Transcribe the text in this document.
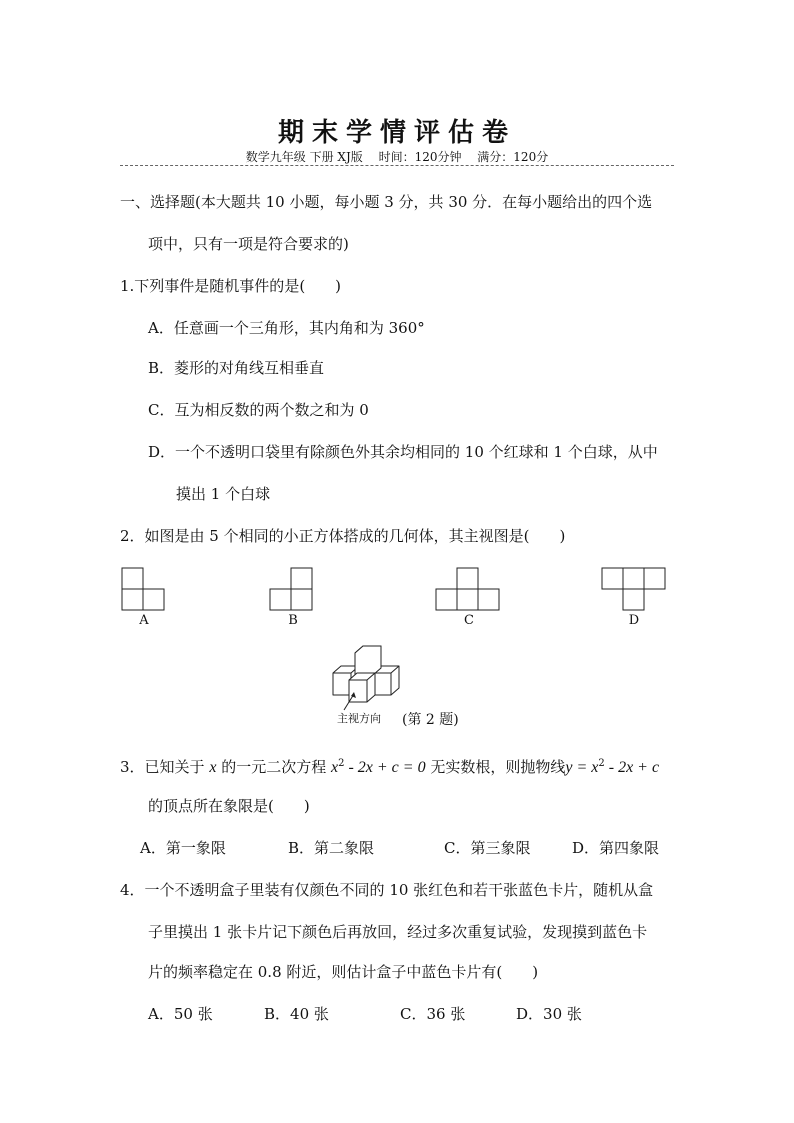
期末学情评估卷
数学九年级 下册 XJ版　 时间：120分钟　 满分：120分
一、选择题(本大题共 10 小题，每小题 3 分，共 30 分．在每小题给出的四个选
项中，只有一项是符合要求的)
1.下列事件是随机事件的是(　　)
A．任意画一个三角形，其内角和为 360°
B．菱形的对角线互相垂直
C．互为相反数的两个数之和为 0
D．一个不透明口袋里有除颜色外其余均相同的 10 个红球和 1 个白球，从中
摸出 1 个白球
2．如图是由 5 个相同的小正方体搭成的几何体，其主视图是(　　)
A	B	C	D
主视方向 (第 2 题)
3．已知关于 x 的一元二次方程 $x^2 - 2x + c = 0$ 无实数根，则抛物线$y = x^2 - 2x + c$
的顶点所在象限是(　　)
A．第一象限	B．第二象限	C．第三象限	D．第四象限
4．一个不透明盒子里装有仅颜色不同的 10 张红色和若干张蓝色卡片，随机从盒
子里摸出 1 张卡片记下颜色后再放回，经过多次重复试验，发现摸到蓝色卡
片的频率稳定在 0.8 附近，则估计盒子中蓝色卡片有(　　)
A．50 张	B．40 张	C．36 张	D．30 张
